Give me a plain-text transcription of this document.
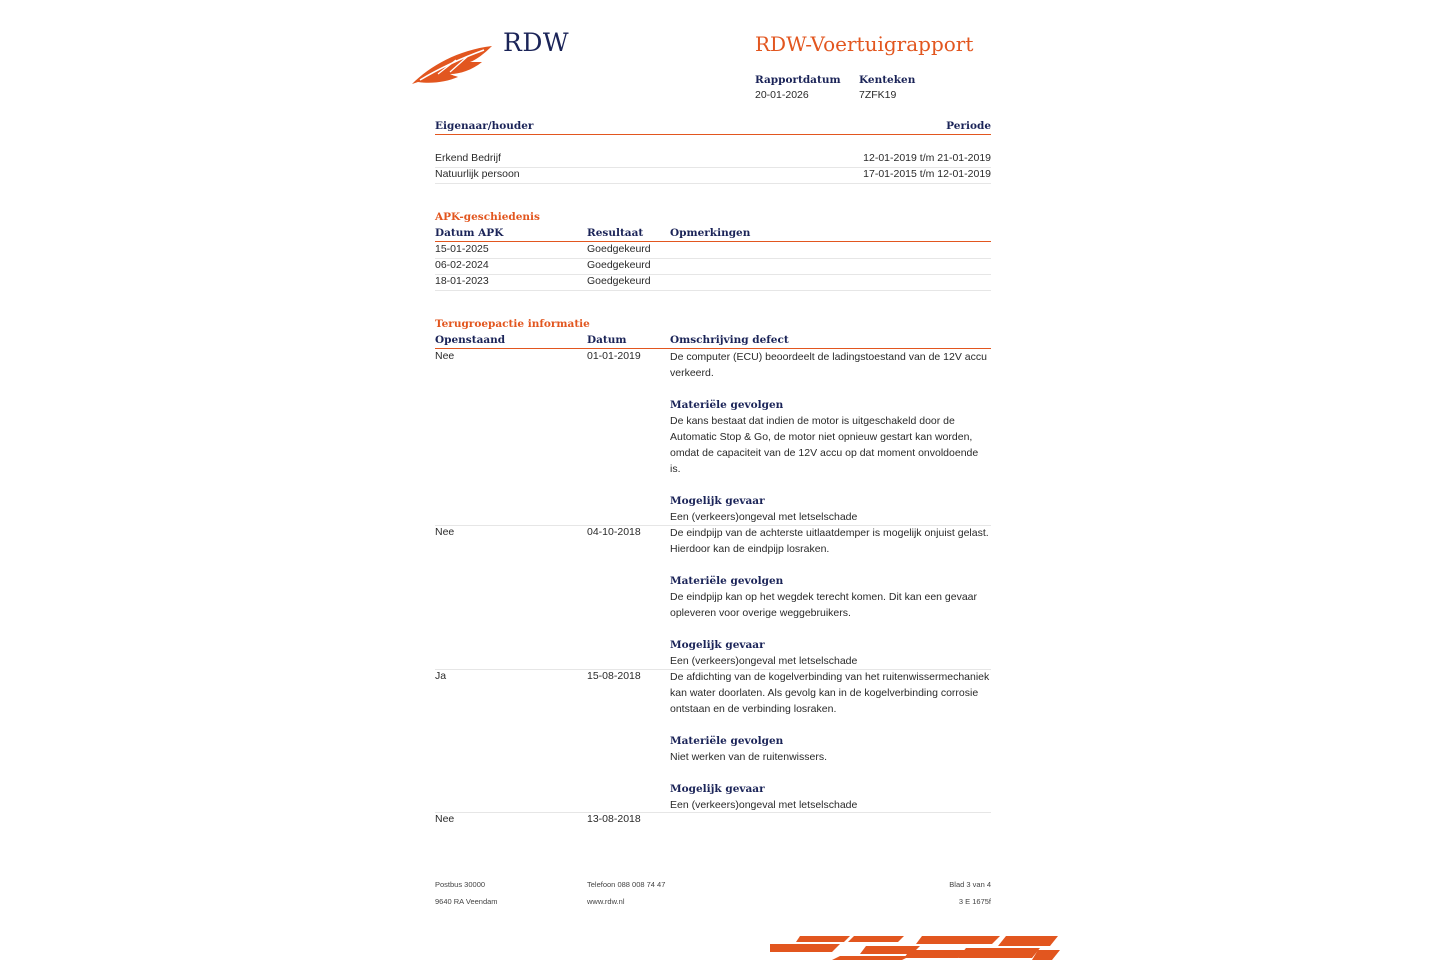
RDW	RDW-Voertuigrapport
Rapportdatum
20-01-2026
Kenteken
7ZFK19
Eigenaar/houder	Periode
Erkend Bedrijf	12-01-2019 t/m 21-01-2019
Natuurlijk persoon	17-01-2015 t/m 12-01-2019
APK-geschiedenis
Datum APK	Resultaat	Opmerkingen
15-01-2025	Goedgekeurd
06-02-2024	Goedgekeurd
18-01-2023	Goedgekeurd
Terugroepactie informatie
Openstaand	Datum	Omschrijving defect
Nee	01-01-2019	De computer (ECU) beoordeelt de ladingstoestand van de 12V accu verkeerd.

Materiële gevolgen

De kans bestaat dat indien de motor is uitgeschakeld door de Automatic Stop & Go, de motor niet opnieuw gestart kan worden, omdat de capaciteit van de 12V accu op dat moment onvoldoende is.

Mogelijk gevaar

Een (verkeers)ongeval met letselschade

Nee	04-10-2018	De eindpijp van de achterste uitlaatdemper is mogelijk onjuist gelast. Hierdoor kan de eindpijp losraken.

Materiële gevolgen

De eindpijp kan op het wegdek terecht komen. Dit kan een gevaar opleveren voor overige weggebruikers.

Mogelijk gevaar

Een (verkeers)ongeval met letselschade

Ja	15-08-2018	De afdichting van de kogelverbinding van het ruitenwissermechaniek kan water doorlaten. Als gevolg kan in de kogelverbinding corrosie ontstaan en de verbinding losraken.

Materiële gevolgen

Niet werken van de ruitenwissers.

Mogelijk gevaar

Een (verkeers)ongeval met letselschade

Nee	13-08-2018
Postbus 30000
9640 RA Veendam
Telefoon 088 008 74 47
www.rdw.nl
Blad 3 van 4
3 E 1675f
